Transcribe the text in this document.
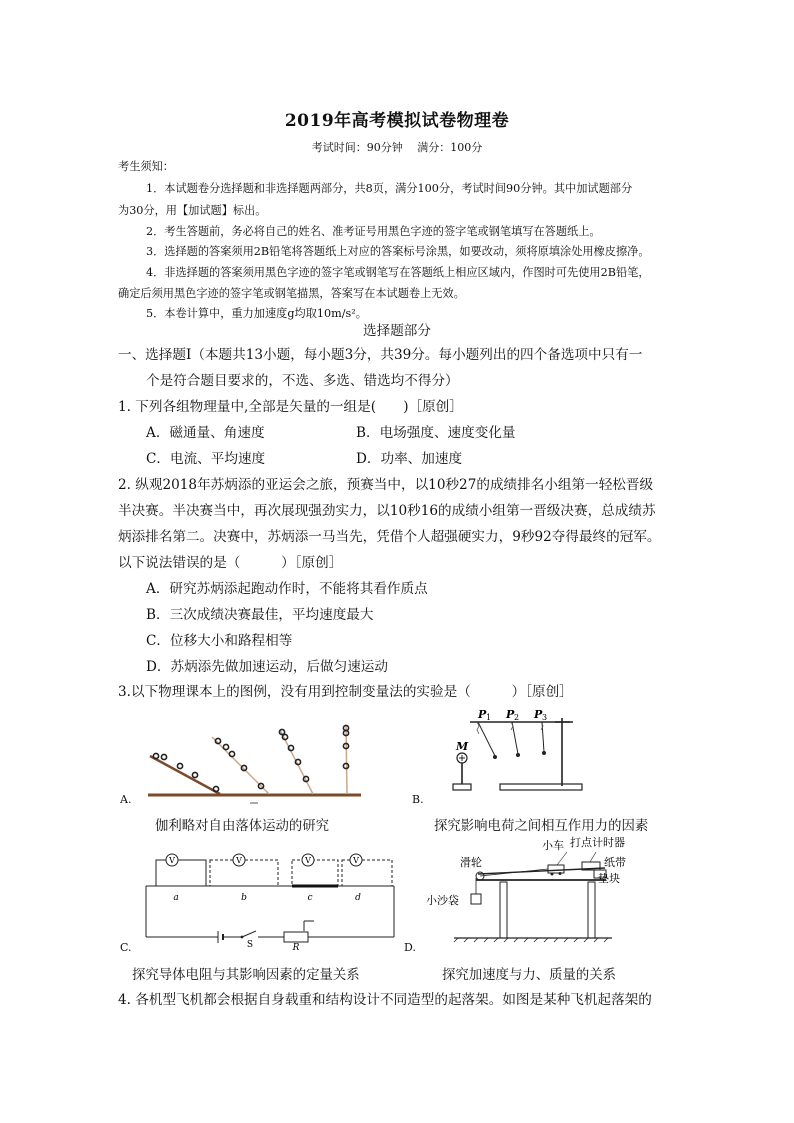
2019年高考模拟试卷物理卷
考试时间：90分钟　 满分：100分
考生须知：
1．本试题卷分选择题和非选择题两部分，共8页，满分100分，考试时间90分钟。其中加试题部分
为30分，用【加试题】标出。
2．考生答题前，务必将自己的姓名、准考证号用黑色字迹的签字笔或钢笔填写在答题纸上。
3．选择题的答案须用2B铅笔将答题纸上对应的答案标号涂黑，如要改动，须将原填涂处用橡皮擦净。
4．非选择题的答案须用黑色字迹的签字笔或钢笔写在答题纸上相应区域内，作图时可先使用2B铅笔，
确定后须用黑色字迹的签字笔或钢笔描黑，答案写在本试题卷上无效。
5．本卷计算中，重力加速度g均取10m/s²。
选择题部分
一、选择题Ⅰ（本题共13小题，每小题3分，共39分。每小题列出的四个备选项中只有一
个是符合题目要求的，不选、多选、错选均不得分）
1. 下列各组物理量中,全部是矢量的一组是(　　)［原创］
A．磁通量、角速度	B．电场强度、速度变化量
C．电流、平均速度	D．功率、加速度
2. 纵观2018年苏炳添的亚运会之旅，预赛当中，以10秒27的成绩排名小组第一轻松晋级
半决赛。半决赛当中，再次展现强劲实力，以10秒16的成绩小组第一晋级决赛，总成绩苏
炳添排名第二。决赛中，苏炳添一马当先，凭借个人超强硬实力，9秒92夺得最终的冠军。
以下说法错误的是（　　　）［原创］
A．研究苏炳添起跑动作时，不能将其看作质点
B．三次成绩决赛最佳，平均速度最大
C．位移大小和路程相等
D．苏炳添先做加速运动，后做匀速运动
3.以下物理课本上的图例，没有用到控制变量法的实验是（　　　）［原创］
A.
伽利略对自由落体运动的研究
P 1 P 2 P 3
M
B.
探究影响电荷之间相互作用力的因素
V	V	V	V
a	b	c	d
S	R
C.
探究导体电阻与其影响因素的定量关系
小车 打点计时器
滑轮	纸带
垫块
小沙袋
D.
探究加速度与力、质量的关系
4. 各机型飞机都会根据自身载重和结构设计不同造型的起落架。如图是某种飞机起落架的
